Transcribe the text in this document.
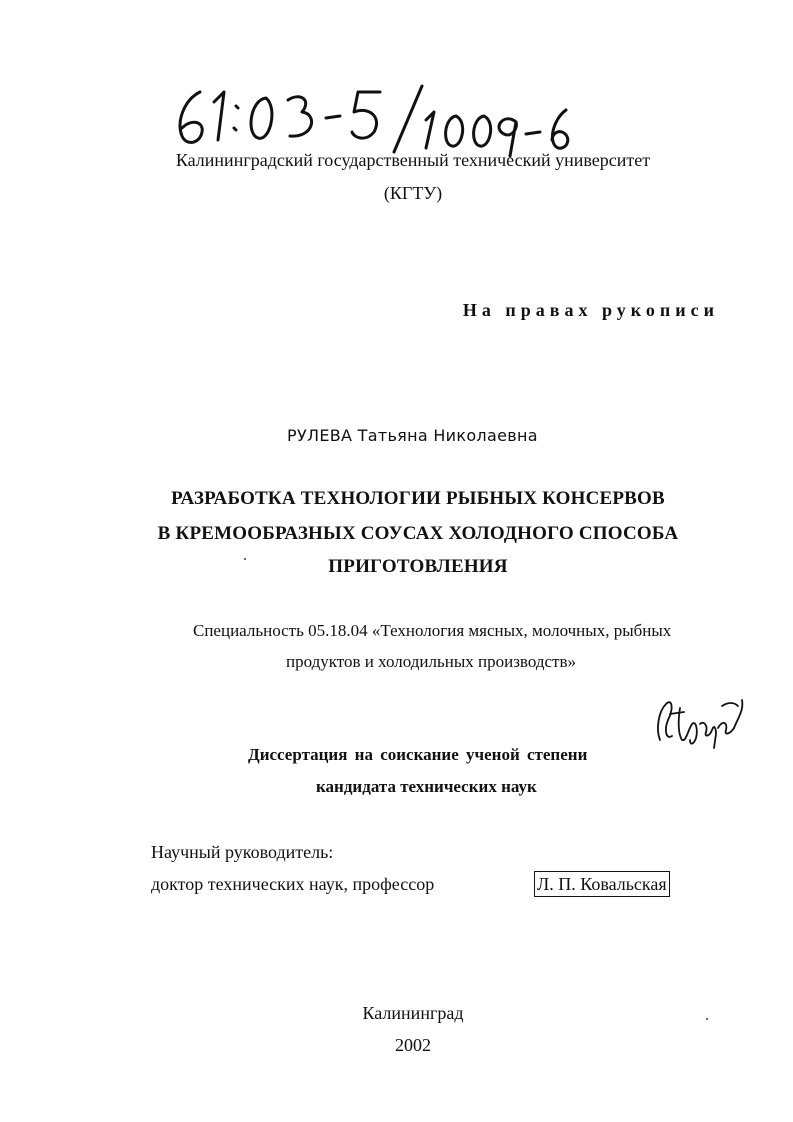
Калининградский государственный технический университет
(КГТУ)
На правах рукописи
РУЛЕВА Татьяна Николаевна
РАЗРАБОТКА ТЕХНОЛОГИИ РЫБНЫХ КОНСЕРВОВ
В КРЕМООБРАЗНЫХ СОУСАХ ХОЛОДНОГО СПОСОБА
ПРИГОТОВЛЕНИЯ
Специальность 05.18.04 «Технология мясных, молочных, рыбных
продуктов и холодильных производств»
Диссертация на соискание ученой степени
кандидата технических наук
Научный руководитель:
доктор технических наук, профессор	Л. П. Ковальская
Калининград
2002
